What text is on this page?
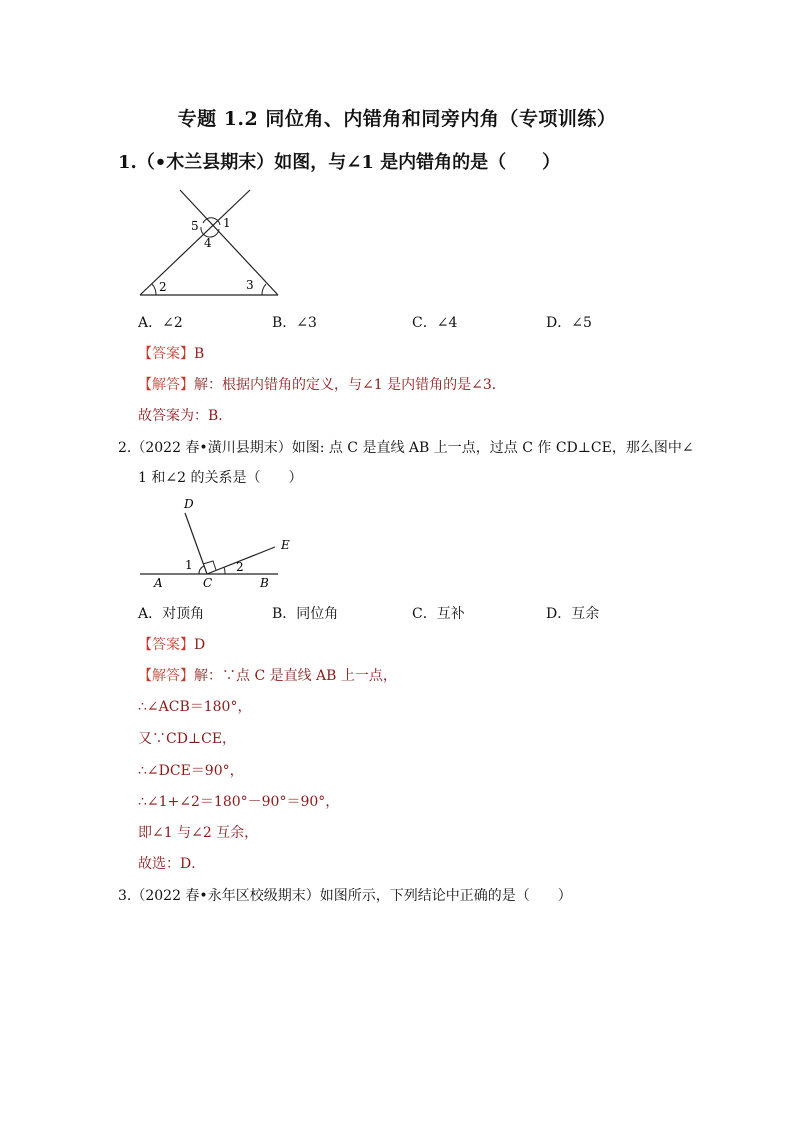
专题 1.2 同位角、内错角和同旁内角（专项训练）
1.（•木兰县期末）如图，与∠1 是内错角的是（　　）
1
5
4
2	3
A．∠2	B．∠3	C．∠4	D．∠5
【答案】B
【解答】解：根据内错角的定义，与∠1 是内错角的是∠3．
故答案为：B．
2.（2022 春•潢川县期末）如图: 点 C 是直线 AB 上一点，过点 C 作 CD⊥CE，那么图中∠
1 和∠2 的关系是（　　）
D
E
1	2
A	C	B
A．对顶角	B．同位角	C．互补	D．互余
【答案】D
【解答】解：∵点 C 是直线 AB 上一点，
∴∠ACB＝180°，
又∵CD⊥CE，
∴∠DCE＝90°，
∴∠1+∠2＝180°－90°＝90°，
即∠1 与∠2 互余，
故选：D．
3.（2022 春•永年区校级期末）如图所示，下列结论中正确的是（　　）
